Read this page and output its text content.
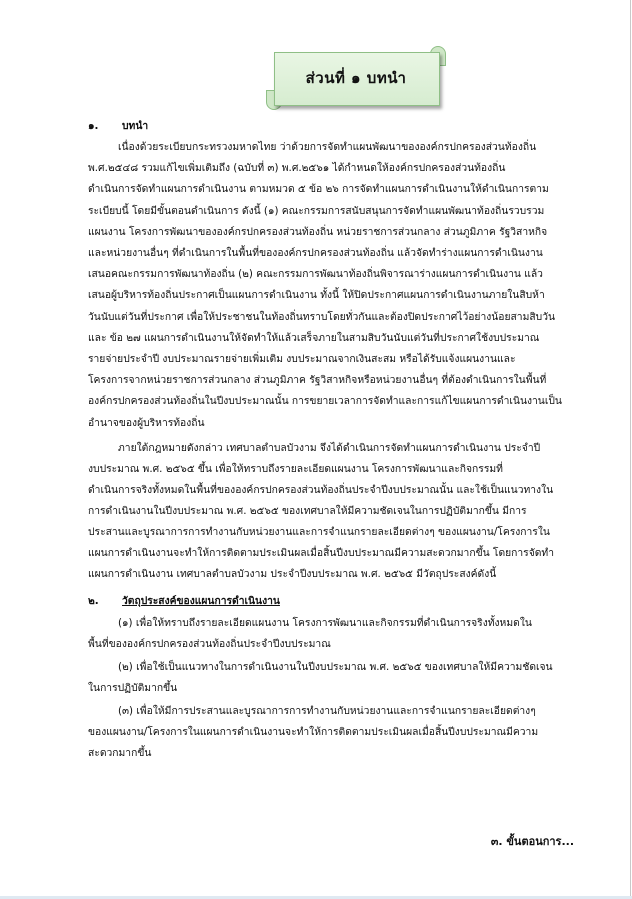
ส่วนที่ ๑ บทนำ
๑. บทนำ
เนื่องด้วยระเบียบกระทรวงมหาดไทย ว่าด้วยการจัดทำแผนพัฒนาขององค์กรปกครองส่วนท้องถิ่น
พ.ศ.๒๕๔๘ รวมแก้ไขเพิ่มเติมถึง (ฉบับที่ ๓) พ.ศ.๒๕๖๑ ได้กำหนดให้องค์กรปกครองส่วนท้องถิ่น
ดำเนินการจัดทำแผนการดำเนินงาน ตามหมวด ๕ ข้อ ๒๖ การจัดทำแผนการดำเนินงานให้ดำเนินการตาม
ระเบียบนี้ โดยมีขั้นตอนดำเนินการ ดังนี้ (๑) คณะกรรมการสนับสนุนการจัดทำแผนพัฒนาท้องถิ่นรวบรวม
แผนงาน โครงการพัฒนาขององค์กรปกครองส่วนท้องถิ่น หน่วยราชการส่วนกลาง ส่วนภูมิภาค รัฐวิสาหกิจ
และหน่วยงานอื่นๆ ที่ดำเนินการในพื้นที่ขององค์กรปกครองส่วนท้องถิ่น แล้วจัดทำร่างแผนการดำเนินงาน
เสนอคณะกรรมการพัฒนาท้องถิ่น (๒) คณะกรรมการพัฒนาท้องถิ่นพิจารณาร่างแผนการดำเนินงาน แล้ว
เสนอผู้บริหารท้องถิ่นประกาศเป็นแผนการดำเนินงาน ทั้งนี้ ให้ปิดประกาศแผนการดำเนินงานภายในสิบห้า
วันนับแต่วันที่ประกาศ เพื่อให้ประชาชนในท้องถิ่นทราบโดยทั่วกันและต้องปิดประกาศไว้อย่างน้อยสามสิบวัน
และ ข้อ ๒๗ แผนการดำเนินงานให้จัดทำให้แล้วเสร็จภายในสามสิบวันนับแต่วันที่ประกาศใช้งบประมาณ
รายจ่ายประจำปี งบประมาณรายจ่ายเพิ่มเติม งบประมาณจากเงินสะสม หรือได้รับแจ้งแผนงานและ
โครงการจากหน่วยราชการส่วนกลาง ส่วนภูมิภาค รัฐวิสาหกิจหรือหน่วยงานอื่นๆ ที่ต้องดำเนินการในพื้นที่
องค์กรปกครองส่วนท้องถิ่นในปีงบประมาณนั้น การขยายเวลาการจัดทำและการแก้ไขแผนการดำเนินงานเป็น
อำนาจของผู้บริหารท้องถิ่น
ภายใต้กฎหมายดังกล่าว เทศบาลตำบลบัวงาม จึงได้ดำเนินการจัดทำแผนการดำเนินงาน ประจำปี
งบประมาณ พ.ศ. ๒๕๖๕ ขึ้น เพื่อให้ทราบถึงรายละเอียดแผนงาน โครงการพัฒนาและกิจกรรมที่
ดำเนินการจริงทั้งหมดในพื้นที่ขององค์กรปกครองส่วนท้องถิ่นประจำปีงบประมาณนั้น และใช้เป็นแนวทางใน
การดำเนินงานในปีงบประมาณ พ.ศ. ๒๕๖๕ ของเทศบาลให้มีความชัดเจนในการปฏิบัติมากขึ้น มีการ
ประสานและบูรณาการการทำงานกับหน่วยงานและการจำแนกรายละเอียดต่างๆ ของแผนงาน/โครงการใน
แผนการดำเนินงานจะทำให้การติดตามประเมินผลเมื่อสิ้นปีงบประมาณมีความสะดวกมากขึ้น โดยการจัดทำ
แผนการดำเนินงาน เทศบาลตำบลบัวงาม ประจำปีงบประมาณ พ.ศ. ๒๕๖๕ มีวัตถุประสงค์ดังนี้
๒. วัตถุประสงค์ของแผนการดำเนินงาน
(๑) เพื่อให้ทราบถึงรายละเอียดแผนงาน โครงการพัฒนาและกิจกรรมที่ดำเนินการจริงทั้งหมดใน
พื้นที่ขององค์กรปกครองส่วนท้องถิ่นประจำปีงบประมาณ
(๒) เพื่อใช้เป็นแนวทางในการดำเนินงานในปีงบประมาณ พ.ศ. ๒๕๖๕ ของเทศบาลให้มีความชัดเจน
ในการปฏิบัติมากขึ้น
(๓) เพื่อให้มีการประสานและบูรณาการการทำงานกับหน่วยงานและการจำแนกรายละเอียดต่างๆ
ของแผนงาน/โครงการในแผนการดำเนินงานจะทำให้การติดตามประเมินผลเมื่อสิ้นปีงบประมาณมีความ
สะดวกมากขึ้น
๓. ขั้นตอนการ...
